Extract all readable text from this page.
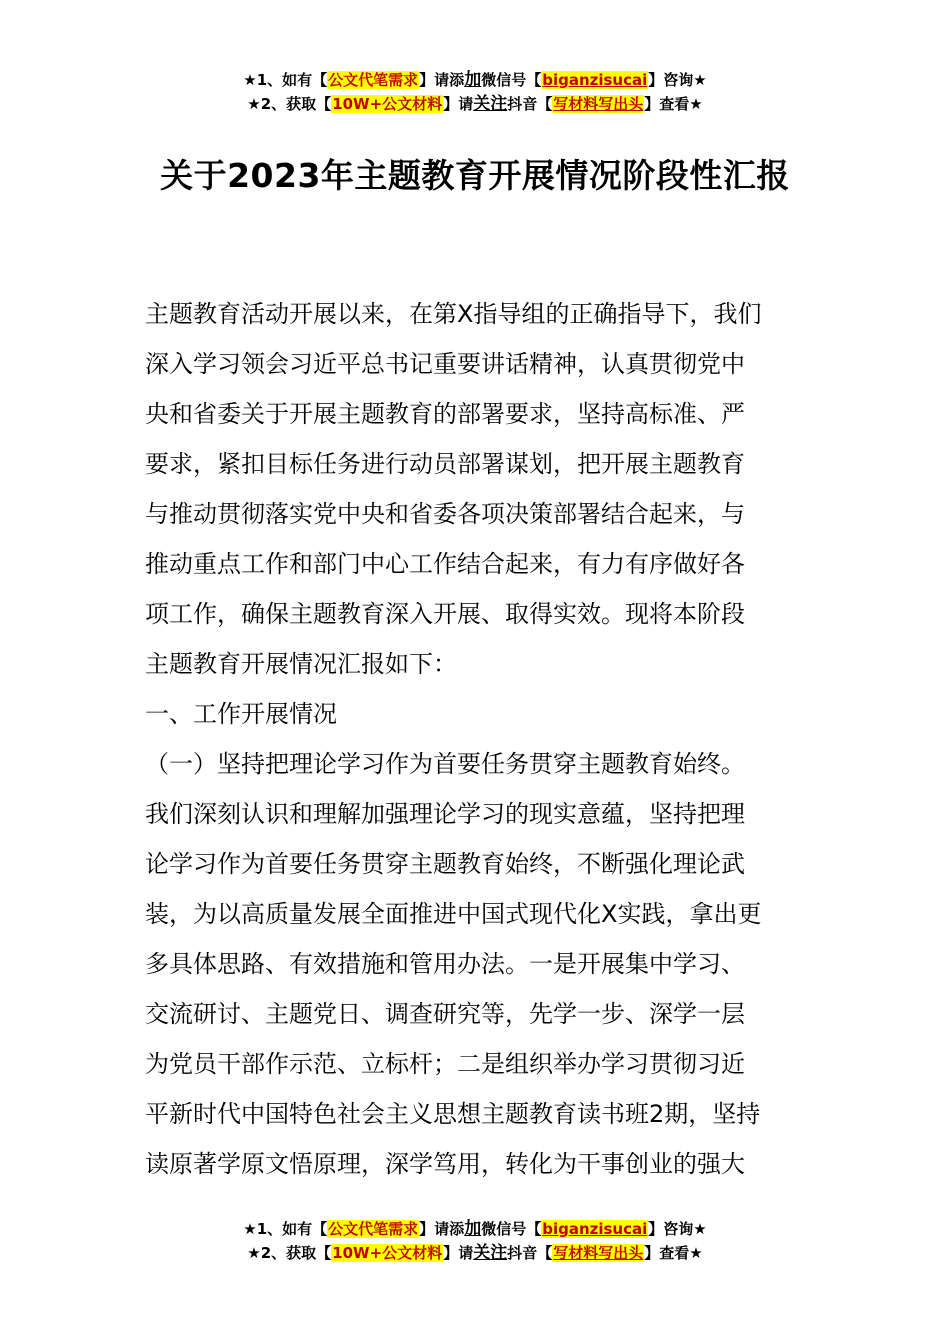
★1、如有【公文代笔需求】请添加微信号【biganzisucai】咨询★
★2、获取【10W+公文材料】请关注抖音【写材料写出头】查看★
关于2023年主题教育开展情况阶段性汇报
主题教育活动开展以来，在第X指导组的正确指导下，我们
深入学习领会习近平总书记重要讲话精神，认真贯彻党中
央和省委关于开展主题教育的部署要求，坚持高标准、严
要求，紧扣目标任务进行动员部署谋划，把开展主题教育
与推动贯彻落实党中央和省委各项决策部署结合起来，与
推动重点工作和部门中心工作结合起来，有力有序做好各
项工作，确保主题教育深入开展、取得实效。现将本阶段
主题教育开展情况汇报如下：
一、工作开展情况
（一）坚持把理论学习作为首要任务贯穿主题教育始终。
我们深刻认识和理解加强理论学习的现实意蕴，坚持把理
论学习作为首要任务贯穿主题教育始终，不断强化理论武
装，为以高质量发展全面推进中国式现代化X实践，拿出更
多具体思路、有效措施和管用办法。一是开展集中学习、
交流研讨、主题党日、调查研究等，先学一步、深学一层
为党员干部作示范、立标杆；二是组织举办学习贯彻习近
平新时代中国特色社会主义思想主题教育读书班2期，坚持
读原著学原文悟原理，深学笃用，转化为干事创业的强大
★1、如有【公文代笔需求】请添加微信号【biganzisucai】咨询★
★2、获取【10W+公文材料】请关注抖音【写材料写出头】查看★
